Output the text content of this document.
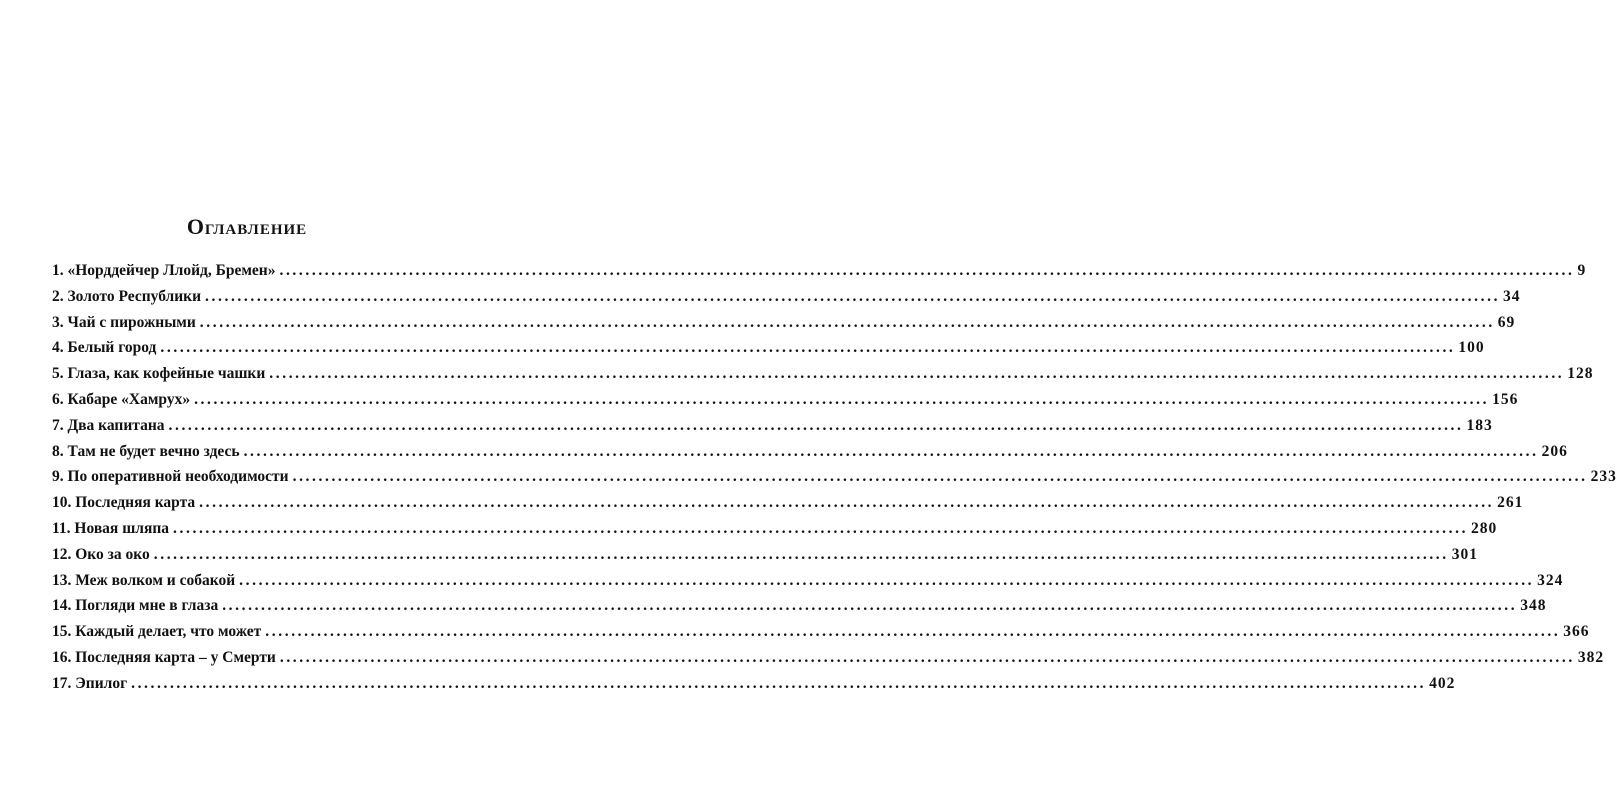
Оглавление
1. «Норддейчер Ллойд, Бремен» ........................................................................................................................................................................................................ 9
2. Золото Республики ........................................................................................................................................................................................................ 34
3. Чай с пирожными ........................................................................................................................................................................................................ 69
4. Белый город ........................................................................................................................................................................................................ 100
5. Глаза, как кофейные чашки ........................................................................................................................................................................................................ 128
6. Кабаре «Хамрух» ........................................................................................................................................................................................................ 156
7. Два капитана ........................................................................................................................................................................................................ 183
8. Там не будет вечно здесь ........................................................................................................................................................................................................ 206
9. По оперативной необходимости ........................................................................................................................................................................................................ 233
10. Последняя карта ........................................................................................................................................................................................................ 261
11. Новая шляпа ........................................................................................................................................................................................................ 280
12. Око за око ........................................................................................................................................................................................................ 301
13. Меж волком и собакой ........................................................................................................................................................................................................ 324
14. Погляди мне в глаза ........................................................................................................................................................................................................ 348
15. Каждый делает, что может ........................................................................................................................................................................................................ 366
16. Последняя карта – у Смерти ........................................................................................................................................................................................................ 382
17. Эпилог ........................................................................................................................................................................................................ 402
